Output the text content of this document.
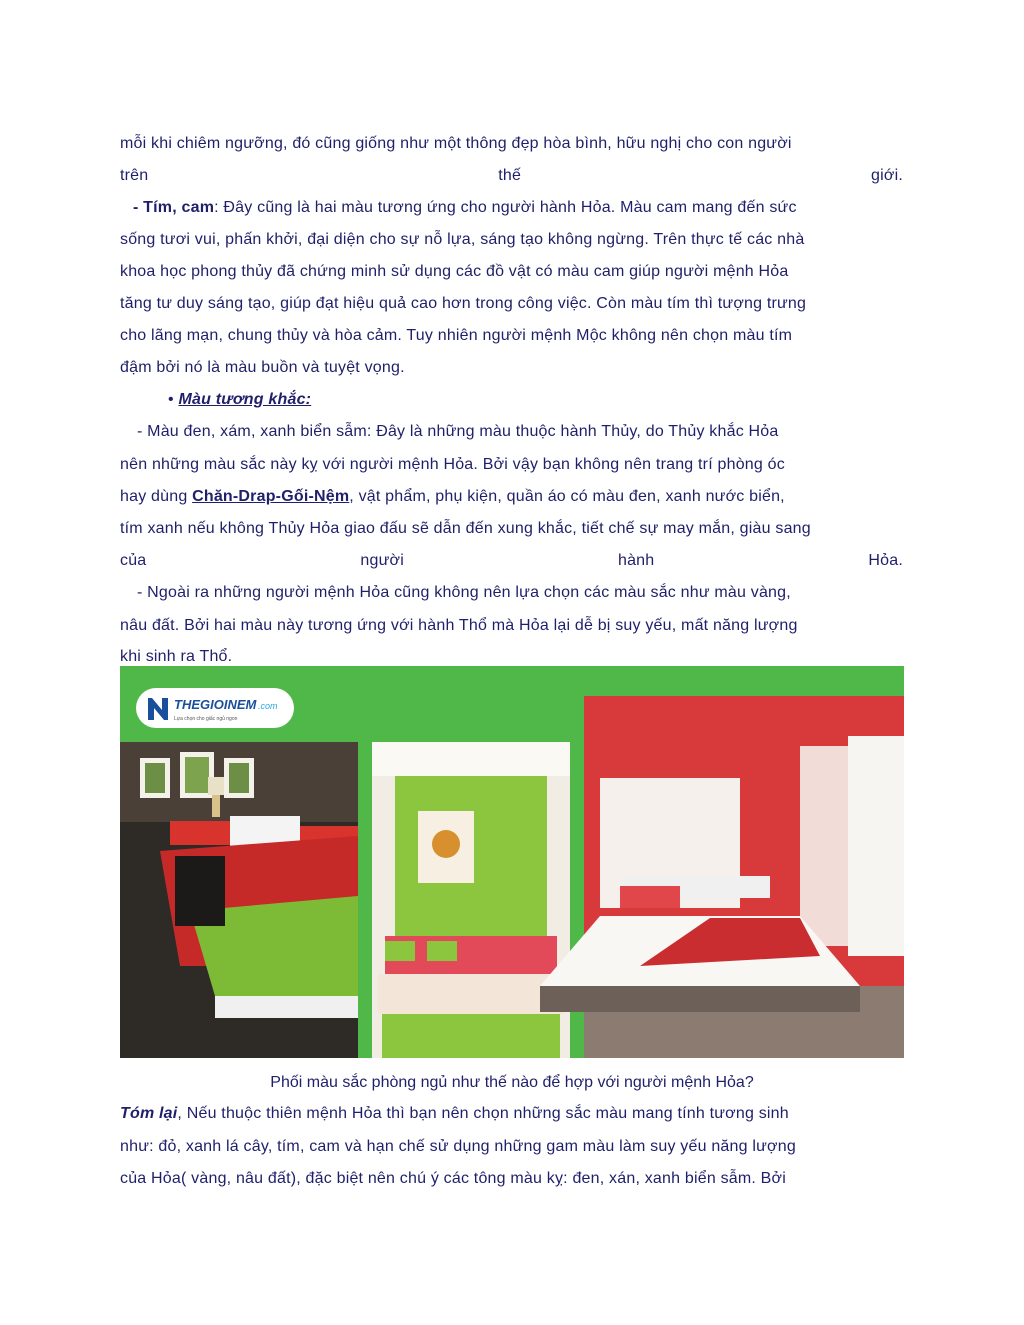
mỗi khi chiêm ngưỡng, đó cũng giống như một thông đẹp hòa bình, hữu nghị cho con người
trên	thế	giới.
- Tím, cam: Đây cũng là hai màu tương ứng cho người hành Hỏa. Màu cam mang đến sức
sống tươi vui, phấn khởi, đại diện cho sự nỗ lựa, sáng tạo không ngừng. Trên thực tế các nhà
khoa học phong thủy đã chứng minh sử dụng các đồ vật có màu cam giúp người mệnh Hỏa
tăng tư duy sáng tạo, giúp đạt hiệu quả cao hơn trong công việc. Còn màu tím thì tượng trưng
cho lãng mạn, chung thủy và hòa cảm. Tuy nhiên người mệnh Mộc không nên chọn màu tím
đậm bởi nó là màu buồn và tuyệt vọng.
• Màu tương khắc:
- Màu đen, xám, xanh biển sẫm: Đây là những màu thuộc hành Thủy, do Thủy khắc Hỏa
nên những màu sắc này kỵ với người mệnh Hỏa. Bởi vậy bạn không nên trang trí phòng óc
hay dùng Chăn-Drap-Gối-Nệm, vật phẩm, phụ kiện, quần áo có màu đen, xanh nước biển,
tím xanh nếu không Thủy Hỏa giao đấu sẽ dẫn đến xung khắc, tiết chế sự may mắn, giàu sang
của	người	hành	Hỏa.
- Ngoài ra những người mệnh Hỏa cũng không nên lựa chọn các màu sắc như màu vàng,
nâu đất. Bởi hai màu này tương ứng với hành Thổ mà Hỏa lại dễ bị suy yếu, mất năng lượng
khi sinh ra Thổ.
THEGIOINEM .com
Lựa chọn cho giấc ngủ ngon
Phối màu sắc phòng ngủ như thế nào để hợp với người mệnh Hỏa?
Tóm lại, Nếu thuộc thiên mệnh Hỏa thì bạn nên chọn những sắc màu mang tính tương sinh
như: đỏ, xanh lá cây, tím, cam và hạn chế sử dụng những gam màu làm suy yếu năng lượng
của Hỏa( vàng, nâu đất), đặc biệt nên chú ý các tông màu kỵ: đen, xán, xanh biển sẫm. Bởi
